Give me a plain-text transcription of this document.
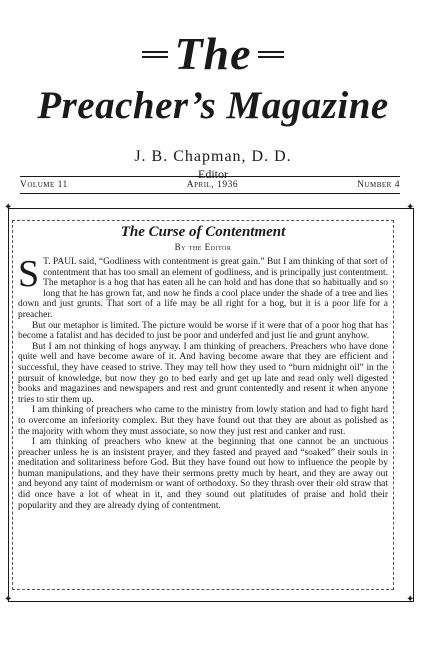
The
Preacher’s Magazine
J. B. Chapman, D. D.
Editor
Volume 11	April, 1936	Number 4
✦	✦
✦	✦
The Curse of Contentment
By the Editor

S T. PAUL said, “Godliness with contentment is great gain.” But I am thinking of that sort of contentment that has too small an element of godliness, and is principally just contentment. The metaphor is a hog that has eaten all he can hold and has done that so habitually and so long that he has grown fat, and now he finds a cool place under the shade of a tree and lies down and just grunts. That sort of a life may be all right for a hog, but it is a poor life for a preacher.

But our metaphor is limited. The picture would be worse if it were that of a poor hog that has become a fatalist and has decided to just be poor and underfed and just lie and grunt anyhow.

But I am not thinking of hogs anyway. I am thinking of preachers. Preachers who have done quite well and have become aware of it. And having become aware that they are efficient and successful, they have ceased to strive. They may tell how they used to “burn midnight oil” in the pursuit of knowledge, but now they go to bed early and get up late and read only well digested books and magazines and newspapers and rest and grunt contentedly and resent it when anyone tries to stir them up.

I am thinking of preachers who came to the ministry from lowly station and had to fight hard to overcome an inferiority complex. But they have found out that they are about as polished as the majority with whom they must associate, so now they just rest and canker and rust.

I am thinking of preachers who knew at the beginning that one cannot be an unctuous preacher unless he is an insistent prayer, and they fasted and prayed and “soaked” their souls in meditation and solitariness before God. But they have found out how to influence the people by human manipulations, and they have their sermons pretty much by heart, and they are away out and beyond any taint of modernism or want of orthodoxy. So they thrash over their old straw that did once have a lot of wheat in it, and they sound out platitudes of praise and hold their popularity and they are already dying of contentment.
